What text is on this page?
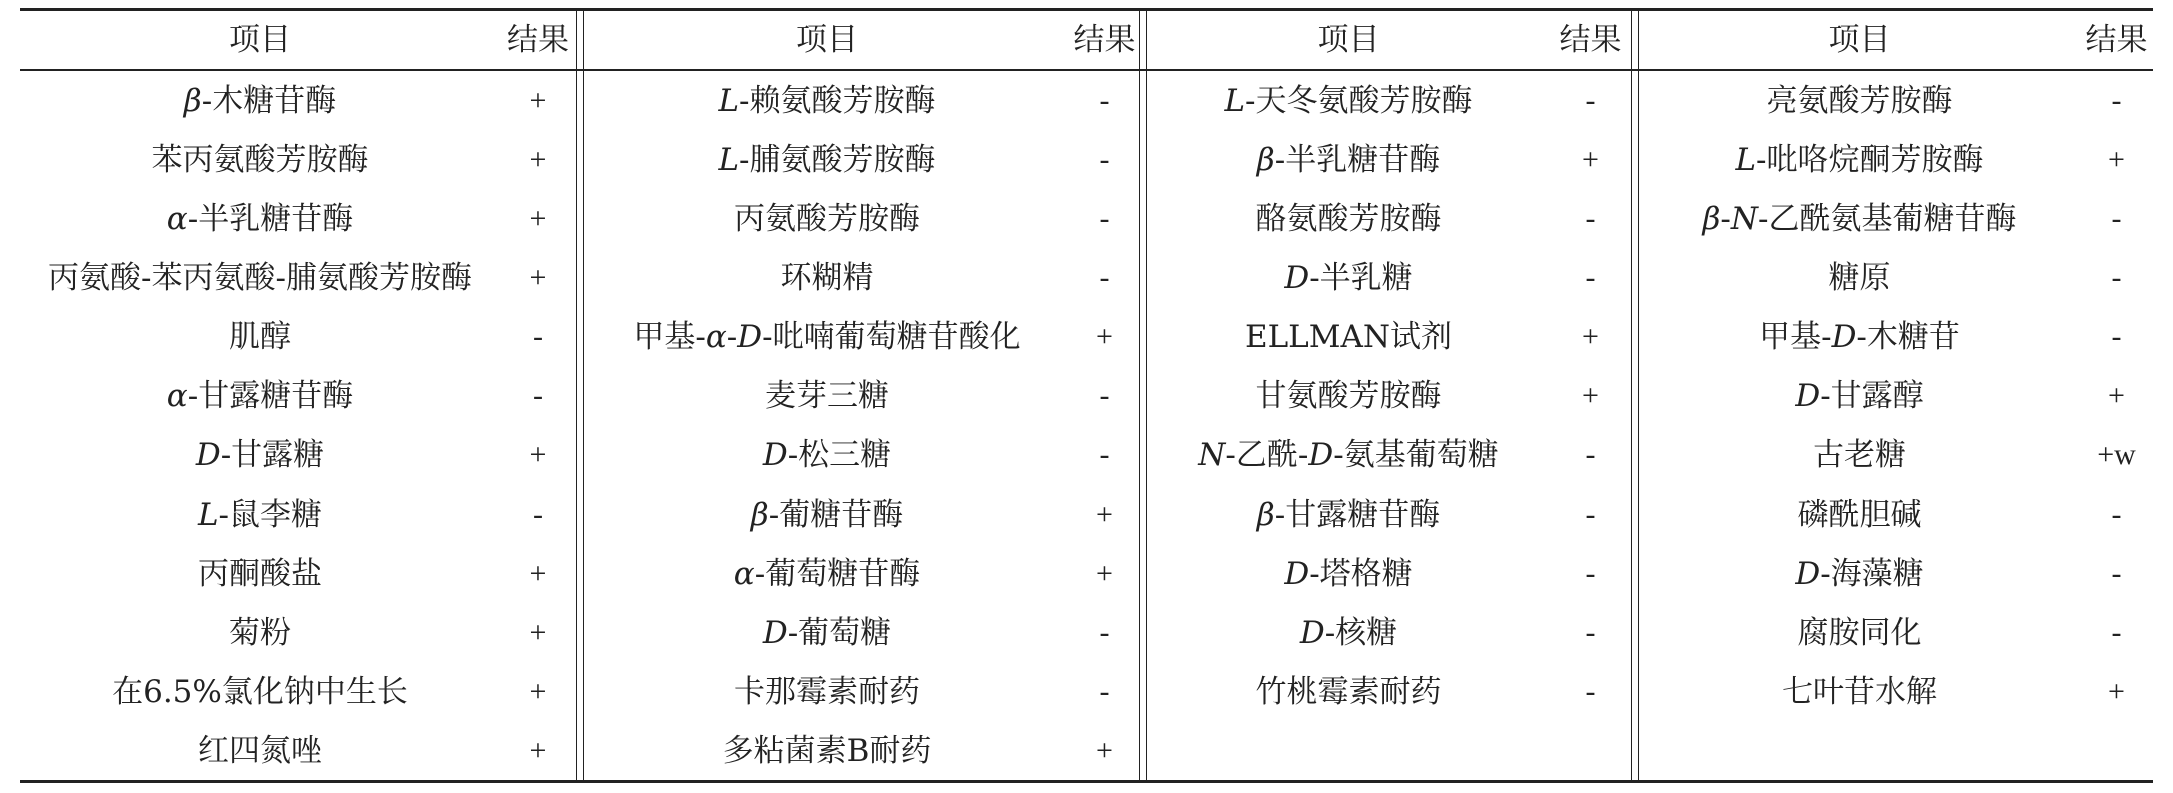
项目	结果
β-木糖苷酶	+
苯丙氨酸芳胺酶	+
α-半乳糖苷酶	+
丙氨酸-苯丙氨酸-脯氨酸芳胺酶	+
肌醇	-
α-甘露糖苷酶	-
D-甘露糖	+
L-鼠李糖	-
丙酮酸盐	+
菊粉	+
在6.5%氯化钠中生长	+
红四氮唑	+
项目	结果
L-赖氨酸芳胺酶	-
L-脯氨酸芳胺酶	-
丙氨酸芳胺酶	-
环糊精	-
甲基-α-D-吡喃葡萄糖苷酸化	+
麦芽三糖	-
D-松三糖	-
β-葡糖苷酶	+
α-葡萄糖苷酶	+
D-葡萄糖	-
卡那霉素耐药	-
多粘菌素B耐药	+
项目	结果
L-天冬氨酸芳胺酶	-
β-半乳糖苷酶	+
酪氨酸芳胺酶	-
D-半乳糖	-
ELLMAN试剂	+
甘氨酸芳胺酶	+
N-乙酰-D-氨基葡萄糖	-
β-甘露糖苷酶	-
D-塔格糖	-
D-核糖	-
竹桃霉素耐药	-
项目	结果
亮氨酸芳胺酶	-
L-吡咯烷酮芳胺酶	+
β-N-乙酰氨基葡糖苷酶	-
糖原	-
甲基-D-木糖苷	-
D-甘露醇	+
古老糖	+w
磷酰胆碱	-
D-海藻糖	-
腐胺同化	-
七叶苷水解	+
